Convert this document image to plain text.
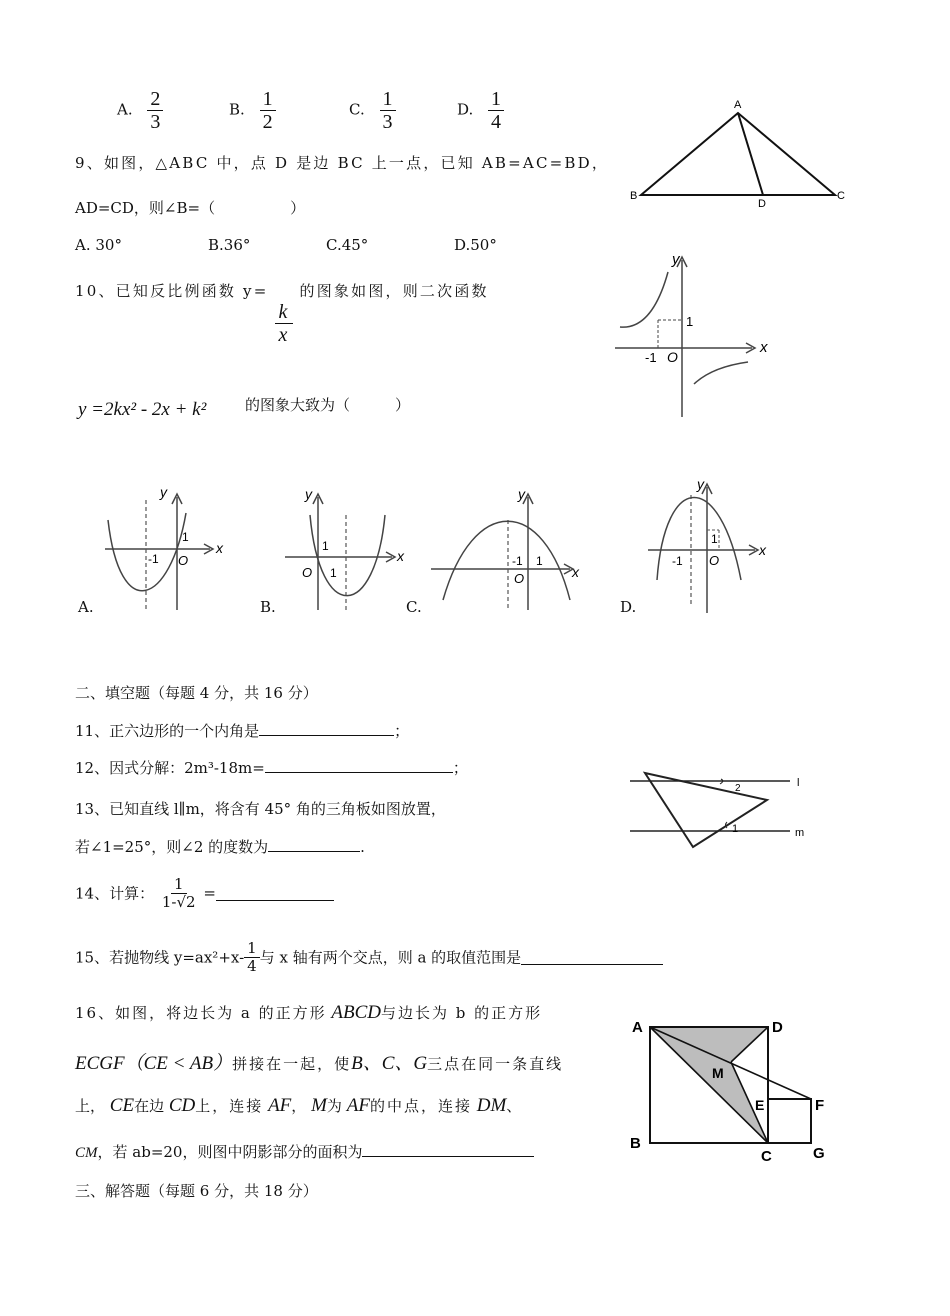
A. $\frac{2}{3}$	B. $\frac{1}{2}$	C. $\frac{1}{3}$	D. $\frac{1}{4}$
9、如图，△ABC 中，点 D 是边 BC 上一点，已知 AB=AC=BD，
AD=CD，则∠B=（　　　　　）
A. 30°	B.36°	C.45°	D.50°
A
B	C
D
10、已知反比例函数 y=
$\frac{k}{x}$
的图象如图，则二次函数
y =2kx² - 2x + k²	的图象大致为（　　　）
1
-1 O
x
y
1
-1 O
x
y
A.
1
1
O
x
y
B.
-1 1
O	x
y
C.
1
-1 O
x
y
D.
二、填空题（每题 4 分，共 16 分）
11、正六边形的一个内角是	；
12、因式分解：2m³-18m=	；
13、已知直线 l∥m，将含有 45° 角的三角板如图放置，
若∠1=25°，则∠2 的度数为	.
l
m
1
2
14、计算： $\frac{1}{1-√2}$ =
15、若抛物线 $y=ax^2+x- \frac{1}{4}$ 与 x 轴有两个交点，则 a 的取值范围是
16、如图，将边长为 a 的正方形 ABCD与边长为 b 的正方形
ECGF（CE < AB）拼接在一起，使B、C、G三点在同一条直线
上， CE在边 CD上，连接 AF， M为 AF的中点，连接 DM、
CM，若 ab=20，则图中阴影部分的面积为
A	D
B
C
F
G
E
M
三、解答题（每题 6 分，共 18 分）
